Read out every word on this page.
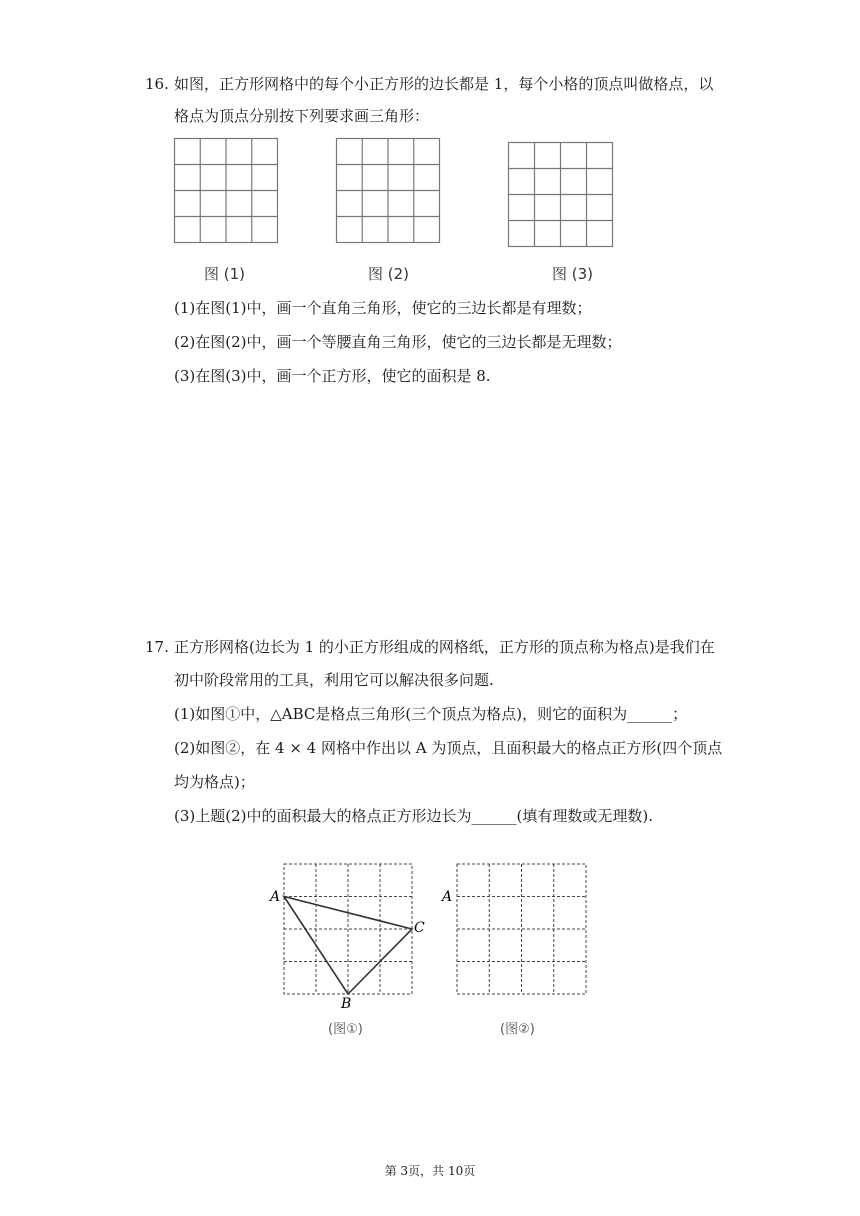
16. 如图，正方形网格中的每个小正方形的边长都是 1，每个小格的顶点叫做格点，以
格点为顶点分别按下列要求画三角形：
图 (1)	图 (2)	图 (3)
(1)在图(1)中，画一个直角三角形，使它的三边长都是有理数；
(2)在图(2)中，画一个等腰直角三角形，使它的三边长都是无理数；
(3)在图(3)中，画一个正方形，使它的面积是 8.
17. 正方形网格(边长为 1 的小正方形组成的网格纸，正方形的顶点称为格点)是我们在
初中阶段常用的工具，利用它可以解决很多问题.
(1)如图①中，△ABC是格点三角形(三个顶点为格点)，则它的面积为______；
(2)如图②，在 4 × 4 网格中作出以 A 为顶点，且面积最大的格点正方形(四个顶点
均为格点)；
(3)上题(2)中的面积最大的格点正方形边长为______(填有理数或无理数).
A
B
C
A
(图①)	(图②)
第 3页，共 10页
